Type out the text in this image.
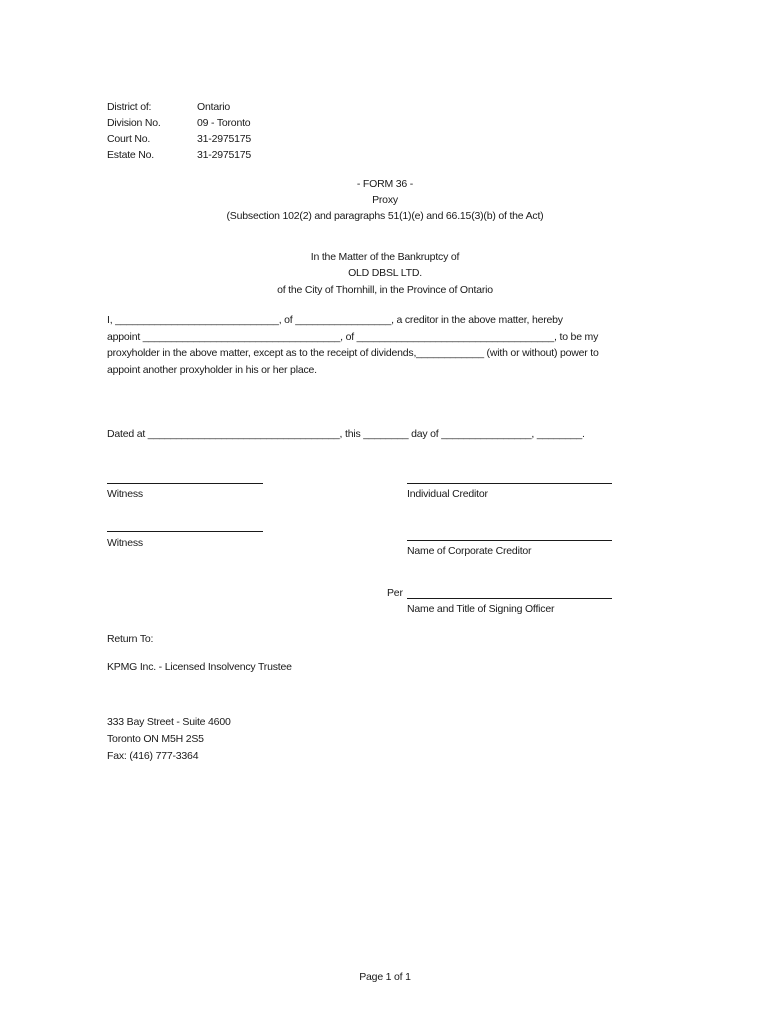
District of:	Ontario
Division No.	09 - Toronto
Court No.	31-2975175
Estate No.	31-2975175
- FORM 36 -
Proxy
(Subsection 102(2) and paragraphs 51(1)(e) and 66.15(3)(b) of the Act)
In the Matter of the Bankruptcy of
OLD DBSL LTD.
of the City of Thornhill, in the Province of Ontario
I, _____________________________, of _________________, a creditor in the above matter, hereby
appoint ___________________________________, of ___________________________________, to be my
proxyholder in the above matter, except as to the receipt of dividends,____________ (with or without) power to
appoint another proxyholder in his or her place.
Dated at __________________________________, this ________ day of ________________, ________.
Witness	Individual Creditor
Witness
Name of Corporate Creditor
Per
Name and Title of Signing Officer
Return To:
KPMG Inc. - Licensed Insolvency Trustee
333 Bay Street - Suite 4600
Toronto ON M5H 2S5
Fax: (416) 777-3364
Page 1 of 1
